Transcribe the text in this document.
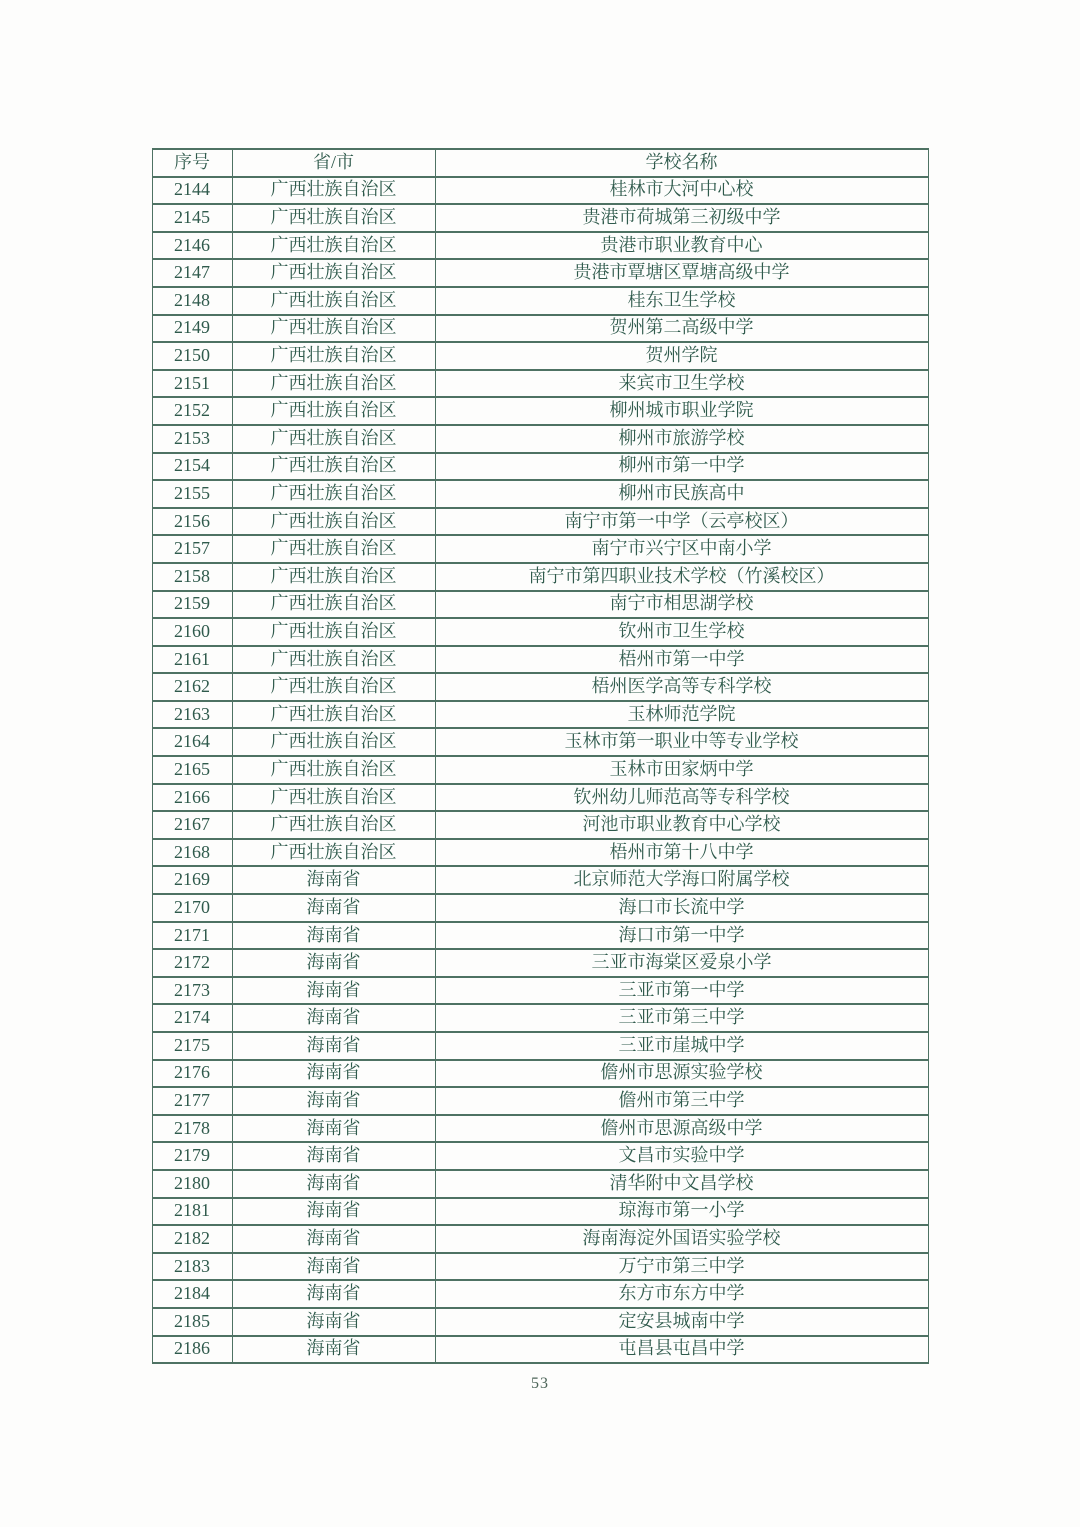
序号	省/市	学校名称
2144	广西壮族自治区	桂林市大河中心校
2145	广西壮族自治区	贵港市荷城第三初级中学
2146	广西壮族自治区	贵港市职业教育中心
2147	广西壮族自治区	贵港市覃塘区覃塘高级中学
2148	广西壮族自治区	桂东卫生学校
2149	广西壮族自治区	贺州第二高级中学
2150	广西壮族自治区	贺州学院
2151	广西壮族自治区	来宾市卫生学校
2152	广西壮族自治区	柳州城市职业学院
2153	广西壮族自治区	柳州市旅游学校
2154	广西壮族自治区	柳州市第一中学
2155	广西壮族自治区	柳州市民族高中
2156	广西壮族自治区	南宁市第一中学（云亭校区）
2157	广西壮族自治区	南宁市兴宁区中南小学
2158	广西壮族自治区	南宁市第四职业技术学校（竹溪校区）
2159	广西壮族自治区	南宁市相思湖学校
2160	广西壮族自治区	钦州市卫生学校
2161	广西壮族自治区	梧州市第一中学
2162	广西壮族自治区	梧州医学高等专科学校
2163	广西壮族自治区	玉林师范学院
2164	广西壮族自治区	玉林市第一职业中等专业学校
2165	广西壮族自治区	玉林市田家炳中学
2166	广西壮族自治区	钦州幼儿师范高等专科学校
2167	广西壮族自治区	河池市职业教育中心学校
2168	广西壮族自治区	梧州市第十八中学
2169	海南省	北京师范大学海口附属学校
2170	海南省	海口市长流中学
2171	海南省	海口市第一中学
2172	海南省	三亚市海棠区爱泉小学
2173	海南省	三亚市第一中学
2174	海南省	三亚市第三中学
2175	海南省	三亚市崖城中学
2176	海南省	儋州市思源实验学校
2177	海南省	儋州市第三中学
2178	海南省	儋州市思源高级中学
2179	海南省	文昌市实验中学
2180	海南省	清华附中文昌学校
2181	海南省	琼海市第一小学
2182	海南省	海南海淀外国语实验学校
2183	海南省	万宁市第三中学
2184	海南省	东方市东方中学
2185	海南省	定安县城南中学
2186	海南省	屯昌县屯昌中学
53
